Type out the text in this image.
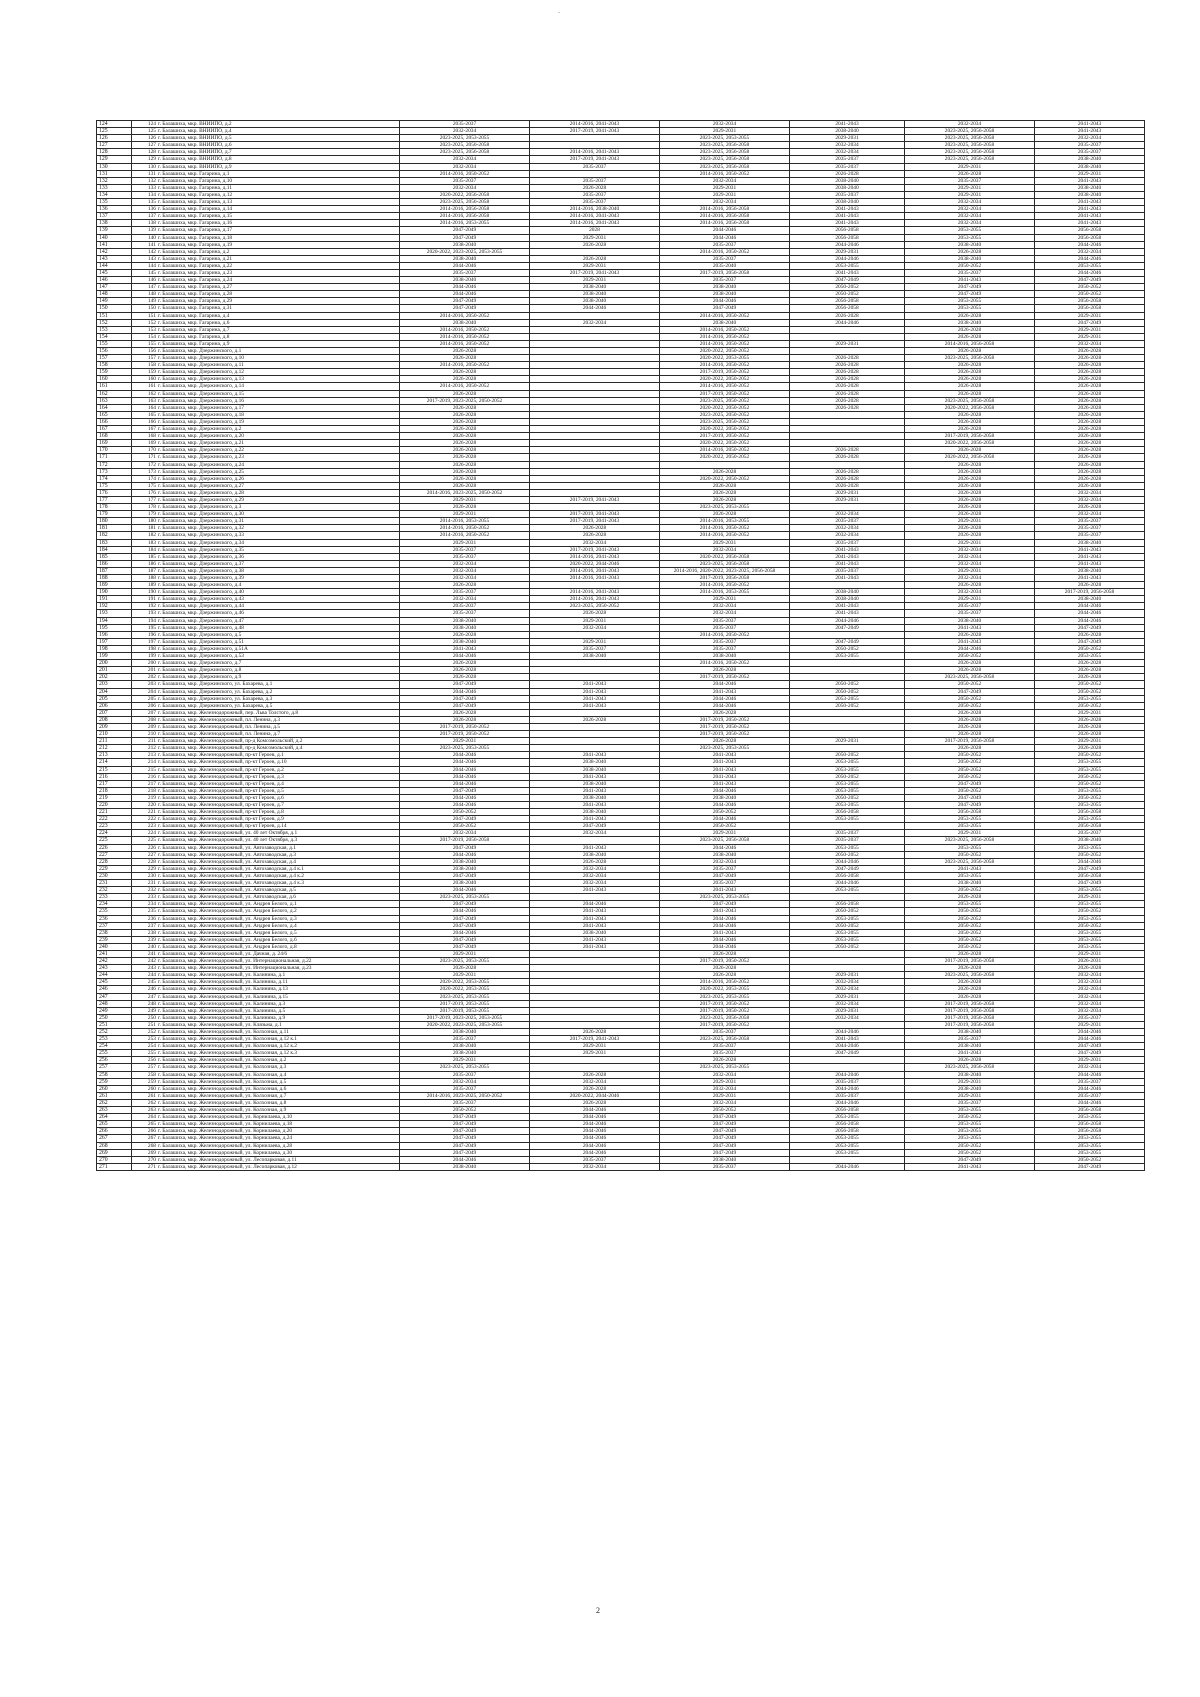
-
124	124 г. Балашиха, мкр. ВНИИПО, д.2	2035-2037	2014-2016, 2041-2043	2032-2034	2041-2043	2032-2034	2041-2043
125	125 г. Балашиха, мкр. ВНИИПО, д.4	2032-2034	2017-2019, 2041-2043	2029-2031	2038-2040	2023-2025, 2056-2058	2041-2043
126	126 г. Балашиха, мкр. ВНИИПО, д.5	2023-2025, 2053-2055		2023-2025, 2053-2055	2029-2031	2023-2025, 2056-2058	2032-2034
127	127 г. Балашиха, мкр. ВНИИПО, д.6	2023-2025, 2056-2058		2023-2025, 2056-2058	2032-2034	2023-2025, 2056-2058	2035-2037
128	128 г. Балашиха, мкр. ВНИИПО, д.7	2023-2025, 2056-2058	2014-2016, 2041-2043	2023-2025, 2056-2058	2032-2034	2023-2025, 2056-2058	2035-2037
129	129 г. Балашиха, мкр. ВНИИПО, д.8	2032-2034	2017-2019, 2041-2043	2023-2025, 2056-2058	2035-2037	2023-2025, 2056-2058	2038-2040
130	130 г. Балашиха, мкр. ВНИИПО, д.9	2032-2034	2035-2037	2023-2025, 2056-2058	2035-2037	2029-2031	2038-2040
131	131 г. Балашиха, мкр. Гагарина, д.1	2014-2016, 2050-2052		2014-2016, 2050-2052	2026-2028	2026-2028	2029-2031
132	132 г. Балашиха, мкр. Гагарина, д.10	2035-2037	2035-2037	2032-2034	2038-2040	2035-2037	2041-2043
133	133 г. Балашиха, мкр. Гагарина, д.11	2032-2034	2026-2028	2029-2031	2038-2040	2029-2031	2038-2040
134	134 г. Балашиха, мкр. Гагарина, д.12	2020-2022, 2056-2058	2035-2037	2029-2031	2035-2037	2029-2031	2038-2040
135	135 г. Балашиха, мкр. Гагарина, д.13	2023-2025, 2056-2058	2035-2037	2032-2034	2038-2040	2032-2034	2041-2043
136	136 г. Балашиха, мкр. Гагарина, д.14	2014-2016, 2056-2058	2014-2016, 2038-2040	2014-2016, 2056-2058	2041-2043	2032-2034	2041-2043
137	137 г. Балашиха, мкр. Гагарина, д.15	2014-2016, 2056-2058	2014-2016, 2041-2043	2014-2016, 2056-2058	2041-2043	2032-2034	2041-2043
138	138 г. Балашиха, мкр. Гагарина, д.16	2014-2016, 2053-2055	2014-2016, 2041-2043	2014-2016, 2056-2058	2041-2043	2032-2034	2041-2043
139	139 г. Балашиха, мкр. Гагарина, д.17	2047-2049	2028	2044-2046	2056-2058	2053-2055	2056-2058
140	140 г. Балашиха, мкр. Гагарина, д.18	2047-2049	2029-2031	2044-2046	2056-2058	2053-2055	2056-2058
141	141 г. Балашиха, мкр. Гагарина, д.19	2038-2040	2026-2028	2035-2037	2044-2046	2038-2040	2044-2046
142	142 г. Балашиха, мкр. Гагарина, д.2	2020-2022, 2023-2025, 2053-2055		2014-2016, 2050-2052	2029-2031	2026-2028	2032-2034
143	143 г. Балашиха, мкр. Гагарина, д.21	2038-2040	2026-2028	2035-2037	2044-2046	2038-2040	2044-2046
144	144 г. Балашиха, мкр. Гагарина, д.22	2044-2046	2029-2031	2035-2040	2053-2055	2050-2052	2053-2055
145	145 г. Балашиха, мкр. Гагарина, д.23	2035-2037	2017-2019, 2041-2043	2017-2019, 2056-2058	2041-2043	2035-2037	2044-2046
146	146 г. Балашиха, мкр. Гагарина, д.24	2038-2040	2029-2031	2035-2037	2047-2049	2041-2043	2047-2049
147	147 г. Балашиха, мкр. Гагарина, д.27	2044-2046	2038-2040	2038-2040	2050-2052	2047-2049	2050-2052
148	148 г. Балашиха, мкр. Гагарина, д.28	2044-2046	2038-2040	2038-2040	2050-2052	2047-2049	2050-2052
149	149 г. Балашиха, мкр. Гагарина, д.29	2047-2049	2038-2040	2044-2046	2056-2058	2053-2055	2056-2058
150	150 г. Балашиха, мкр. Гагарина, д.31	2047-2049	2044-2046	2047-2049	2056-2058	2053-2055	2056-2058
151	151 г. Балашиха, мкр. Гагарина, д.4	2014-2016, 2050-2052		2014-2016, 2050-2052	2026-2028	2026-2028	2029-2031
152	152 г. Балашиха, мкр. Гагарина, д.6	2038-2040	2032-2034	2038-2040	2044-2046	2038-2040	2047-2049
153	153 г. Балашиха, мкр. Гагарина, д.7	2014-2016, 2050-2052		2014-2016, 2050-2052		2026-2028	2029-2031
154	154 г. Балашиха, мкр. Гагарина, д.8	2014-2016, 2050-2052		2014-2016, 2050-2052		2026-2028	2029-2031
155	155 г. Балашиха, мкр. Гагарина, д.9	2014-2016, 2050-2052		2014-2016, 2050-2052	2029-2031	2014-2016, 2056-2058	2032-2034
156	156 г. Балашиха, мкр. Дзержинского, д.1	2026-2028		2020-2022, 2050-2052		2026-2028	2026-2028
157	157 г. Балашиха, мкр. Дзержинского, д.10	2026-2028		2020-2022, 2053-2055	2026-2028	2023-2025, 2056-2058	2026-2028
158	158 г. Балашиха, мкр. Дзержинского, д.11	2014-2016, 2050-2052		2014-2016, 2050-2052	2026-2028	2026-2028	2026-2028
159	159 г. Балашиха, мкр. Дзержинского, д.12	2026-2028		2017-2019, 2050-2052	2026-2028	2026-2028	2026-2028
160	160 г. Балашиха, мкр. Дзержинского, д.13	2026-2028		2020-2022, 2050-2052	2026-2028	2026-2028	2026-2028
161	161 г. Балашиха, мкр. Дзержинского, д.14	2014-2016, 2050-2052		2014-2016, 2050-2052	2026-2028	2026-2028	2026-2028
162	162 г. Балашиха, мкр. Дзержинского, д.15	2026-2028		2017-2019, 2050-2052	2026-2028	2026-2028	2026-2028
163	163 г. Балашиха, мкр. Дзержинского, д.16	2017-2019, 2023-2025, 2050-2052		2023-2025, 2050-2052	2026-2028	2023-2025, 2056-2058	2026-2028
164	164 г. Балашиха, мкр. Дзержинского, д.17	2026-2028		2020-2022, 2050-2052	2026-2028	2020-2022, 2056-2058	2026-2028
165	165 г. Балашиха, мкр. Дзержинского, д.18	2026-2028		2023-2025, 2050-2052		2026-2028	2026-2028
166	166 г. Балашиха, мкр. Дзержинского, д.19	2026-2028		2023-2025, 2050-2052		2026-2028	2026-2028
167	167 г. Балашиха, мкр. Дзержинского, д.2	2026-2028		2020-2022, 2050-2052		2026-2028	2026-2028
168	168 г. Балашиха, мкр. Дзержинского, д.20	2026-2028		2017-2019, 2050-2052		2017-2019, 2056-2058	2026-2028
169	169 г. Балашиха, мкр. Дзержинского, д.21	2026-2028		2020-2022, 2050-2052		2020-2022, 2056-2058	2026-2028
170	170 г. Балашиха, мкр. Дзержинского, д.22	2026-2028		2014-2016, 2050-2052	2026-2028	2026-2028	2026-2028
171	171 г. Балашиха, мкр. Дзержинского, д.23	2026-2028		2020-2022, 2050-2052	2026-2028	2020-2022, 2056-2058	2026-2028
172	172 г. Балашиха, мкр. Дзержинского, д.24	2026-2028				2026-2028	2026-2028
173	173 г. Балашиха, мкр. Дзержинского, д.25	2026-2028		2026-2028	2026-2028	2026-2028	2026-2028
174	174 г. Балашиха, мкр. Дзержинского, д.26	2026-2028		2020-2022, 2050-2052	2026-2028	2026-2028	2026-2028
175	175 г. Балашиха, мкр. Дзержинского, д.27	2026-2028		2026-2028	2026-2028	2026-2028	2026-2028
176	176 г. Балашиха, мкр. Дзержинского, д.28	2014-2016, 2023-2025, 2050-2052		2026-2028	2029-2031	2026-2028	2032-2034
177	177 г. Балашиха, мкр. Дзержинского, д.29	2029-2031	2017-2019, 2041-2043	2026-2028	2029-2031	2026-2028	2032-2034
178	178 г. Балашиха, мкр. Дзержинского, д.3	2026-2028		2023-2025, 2053-2055		2026-2028	2026-2028
179	179 г. Балашиха, мкр. Дзержинского, д.30	2029-2031	2017-2019, 2041-2043	2026-2028	2032-2034	2026-2028	2032-2034
180	180 г. Балашиха, мкр. Дзержинского, д.31	2014-2016, 2053-2055	2017-2019, 2041-2043	2014-2016, 2053-2055	2035-2037	2029-2031	2035-2037
181	181 г. Балашиха, мкр. Дзержинского, д.32	2014-2016, 2050-2052	2026-2028	2014-2016, 2050-2052	2032-2034	2026-2028	2035-2037
182	182 г. Балашиха, мкр. Дзержинского, д.33	2014-2016, 2050-2052	2026-2028	2014-2016, 2050-2052	2032-2034	2026-2028	2035-2037
183	183 г. Балашиха, мкр. Дзержинского, д.34	2029-2031	2032-2034	2029-2031	2035-2037	2029-2031	2038-2040
184	184 г. Балашиха, мкр. Дзержинского, д.35	2035-2037	2017-2019, 2041-2043	2032-2034	2041-2043	2032-2034	2041-2043
185	185 г. Балашиха, мкр. Дзержинского, д.36	2035-2037	2014-2016, 2041-2043	2020-2022, 2056-2058	2041-2043	2032-2034	2041-2043
186	186 г. Балашиха, мкр. Дзержинского, д.37	2032-2034	2020-2022, 2044-2046	2023-2025, 2056-2058	2041-2043	2032-2034	2041-2043
187	187 г. Балашиха, мкр. Дзержинского, д.38	2032-2034	2014-2016, 2041-2043	2014-2016, 2020-2022, 2023-2025, 2056-2058	2035-2037	2029-2031	2038-2040
188	188 г. Балашиха, мкр. Дзержинского, д.39	2032-2034	2014-2016, 2041-2043	2017-2019, 2056-2058	2041-2043	2032-2034	2041-2043
189	189 г. Балашиха, мкр. Дзержинского, д.4	2026-2028		2014-2016, 2050-2052		2026-2028	2026-2028
190	190 г. Балашиха, мкр. Дзержинского, д.40	2035-2037	2014-2016, 2041-2043	2014-2016, 2053-2055	2038-2040	2032-2034	2017-2019, 2056-2058
191	191 г. Балашиха, мкр. Дзержинского, д.43	2032-2034	2014-2016, 2041-2043	2029-2031	2038-2040	2029-2031	2038-2040
192	192 г. Балашиха, мкр. Дзержинского, д.44	2035-2037	2023-2025, 2050-2052	2032-2034	2041-2043	2035-2037	2044-2046
193	193 г. Балашиха, мкр. Дзержинского, д.46	2035-2037	2026-2028	2032-2034	2041-2043	2035-2037	2044-2046
194	194 г. Балашиха, мкр. Дзержинского, д.47	2038-2040	2029-2031	2035-2037	2044-2046	2038-2040	2044-2046
195	195 г. Балашиха, мкр. Дзержинского, д.48	2038-2040	2032-2034	2035-2037	2047-2049	2041-2043	2047-2049
196	196 г. Балашиха, мкр. Дзержинского, д.5	2026-2028		2014-2016, 2050-2052		2026-2028	2026-2028
197	197 г. Балашиха, мкр. Дзержинского, д.51	2038-2040	2029-2031	2035-2037	2047-2049	2041-2043	2047-2049
198	198 г. Балашиха, мкр. Дзержинского, д.51А	2041-2043	2035-2037	2035-2037	2050-2052	2044-2046	2050-2052
199	199 г. Балашиха, мкр. Дзержинского, д.53	2044-2046	2038-2040	2038-2040	2053-2055	2050-2052	2053-2055
200	200 г. Балашиха, мкр. Дзержинского, д.7	2026-2028		2014-2016, 2050-2052		2026-2028	2026-2028
201	201 г. Балашиха, мкр. Дзержинского, д.8	2026-2028		2026-2028		2026-2028	2026-2028
202	202 г. Балашиха, мкр. Дзержинского, д.9	2026-2028		2017-2019, 2050-2052		2023-2025, 2056-2058	2026-2028
203	203 г. Балашиха, мкр. Дзержинского, ул. Бахарева, д.1	2047-2049	2041-2043	2044-2046	2050-2052	2050-2052	2050-2052
204	204 г. Балашиха, мкр. Дзержинского, ул. Бахарева, д.2	2044-2046	2041-2043	2041-2043	2050-2052	2047-2049	2050-2052
205	205 г. Балашиха, мкр. Дзержинского, ул. Бахарева, д.3	2047-2049	2041-2043	2044-2046	2053-2055	2050-2052	2053-2055
206	206 г. Балашиха, мкр. Дзержинского, ул. Бахарева, д.5	2047-2049	2041-2043	2044-2046	2050-2052	2050-2052	2050-2052
207	207 г. Балашиха, мкр. Железнодорожный, пер. Льва Толстого, д.8	2026-2028		2026-2028		2026-2028	2029-2031
208	208 г. Балашиха, мкр. Железнодорожный, пл. Ленина, д.3	2026-2028	2026-2028	2017-2019, 2050-2052		2026-2028	2026-2028
209	209 г. Балашиха, мкр. Железнодорожный, пл. Ленина, д.5	2017-2019, 2050-2052		2017-2019, 2050-2052		2026-2028	2026-2028
210	210 г. Балашиха, мкр. Железнодорожный, пл. Ленина, д.7	2017-2019, 2050-2052		2017-2019, 2050-2052		2026-2028	2026-2028
211	211 г. Балашиха, мкр. Железнодорожный, пр-д Комсомольский, д.2	2029-2031		2026-2028	2029-2031	2017-2019, 2056-2058	2029-2031
212	212 г. Балашиха, мкр. Железнодорожный, пр-д Комсомольский, д.4	2023-2025, 2053-2055		2023-2025, 2053-2055		2026-2028	2026-2028
213	213 г. Балашиха, мкр. Железнодорожный, пр-кт Героев, д.1	2044-2046	2041-2043	2041-2043	2050-2052	2050-2052	2050-2052
214	214 г. Балашиха, мкр. Железнодорожный, пр-кт Героев, д.10	2044-2046	2038-2040	2041-2043	2053-2055	2050-2052	2053-2055
215	215 г. Балашиха, мкр. Железнодорожный, пр-кт Героев, д.2	2044-2046	2038-2040	2041-2043	2053-2055	2050-2052	2053-2055
216	216 г. Балашиха, мкр. Железнодорожный, пр-кт Героев, д.3	2044-2046	2041-2043	2041-2043	2050-2052	2050-2052	2050-2052
217	217 г. Балашиха, мкр. Железнодорожный, пр-кт Героев, д.4	2044-2046	2038-2040	2041-2043	2053-2055	2047-2049	2050-2052
218	218 г. Балашиха, мкр. Железнодорожный, пр-кт Героев, д.5	2047-2049	2041-2043	2044-2046	2053-2055	2050-2052	2053-2055
219	219 г. Балашиха, мкр. Железнодорожный, пр-кт Героев, д.6	2044-2046	2038-2040	2038-2040	2050-2052	2047-2049	2050-2052
220	220 г. Балашиха, мкр. Железнодорожный, пр-кт Героев, д.7	2044-2046	2041-2043	2044-2046	2053-2055	2047-2049	2053-2055
221	221 г. Балашиха, мкр. Железнодорожный, пр-кт Героев, д.8	2050-2052	2038-2040	2050-2052	2056-2058	2056-2058	2056-2058
222	222 г. Балашиха, мкр. Железнодорожный, пр-кт Героев, д.9	2047-2049	2041-2043	2044-2046	2053-2055	2053-2055	2053-2055
223	223 г. Балашиха, мкр. Железнодорожный, пр-кт Героев, д.14	2050-2052	2047-2049	2050-2052		2053-2055	2056-2058
224	224 г. Балашиха, мкр. Железнодорожный, ул. 40 лет Октября, д.1	2032-2034	2032-2034	2029-2031	2035-2037	2029-2031	2035-2037
225	225 г. Балашиха, мкр. Железнодорожный, ул. 40 лет Октября, д.3	2017-2019, 2056-2058		2023-2025, 2056-2058	2035-2037	2023-2025, 2056-2058	2038-2040
226	226 г. Балашиха, мкр. Железнодорожный, ул. Автозаводская, д.1	2047-2049	2041-2043	2044-2046	2053-2055	2053-2055	2053-2055
227	227 г. Балашиха, мкр. Железнодорожный, ул. Автозаводская, д.3	2044-2046	2038-2040	2038-2040	2050-2052	2050-2052	2050-2052
228	228 г. Балашиха, мкр. Железнодорожный, ул. Автозаводская, д.4	2038-2040	2026-2028	2032-2034	2044-2046	2023-2025, 2056-2058	2044-2046
229	229 г. Балашиха, мкр. Железнодорожный, ул. Автозаводская, д.4 к.1	2038-2040	2032-2034	2035-2037	2047-2049	2041-2043	2047-2049
230	230 г. Балашиха, мкр. Железнодорожный, ул. Автозаводская, д.4 к.2	2047-2049	2032-2034	2047-2049	2056-2058	2053-2055	2056-2058
231	231 г. Балашиха, мкр. Железнодорожный, ул. Автозаводская, д.4 к.3	2038-2040	2032-2034	2035-2037	2044-2046	2038-2040	2047-2049
232	232 г. Балашиха, мкр. Железнодорожный, ул. Автозаводская, д.5	2044-2046	2041-2043	2041-2043	2053-2055	2050-2052	2053-2055
233	233 г. Балашиха, мкр. Железнодорожный, ул. Автозаводская, д.6	2023-2025, 2053-2055		2023-2025, 2053-2055		2026-2028	2029-2031
234	234 г. Балашиха, мкр. Железнодорожный, ул. Андрея Белого, д.1	2047-2049	2044-2046	2047-2049	2056-2058	2053-2055	2053-2055
235	235 г. Балашиха, мкр. Железнодорожный, ул. Андрея Белого, д.2	2044-2046	2041-2043	2041-2043	2050-2052	2050-2052	2050-2052
236	236 г. Балашиха, мкр. Железнодорожный, ул. Андрея Белого, д.3	2047-2049	2041-2043	2044-2046	2053-2055	2050-2052	2053-2055
237	237 г. Балашиха, мкр. Железнодорожный, ул. Андрея Белого, д.4	2047-2049	2041-2043	2044-2046	2050-2052	2050-2052	2050-2052
238	238 г. Балашиха, мкр. Железнодорожный, ул. Андрея Белого, д.5	2044-2046	2038-2040	2041-2043	2053-2055	2050-2052	2053-2055
239	239 г. Балашиха, мкр. Железнодорожный, ул. Андрея Белого, д.6	2047-2049	2041-2043	2044-2046	2053-2055	2050-2052	2053-2055
240	240 г. Балашиха, мкр. Железнодорожный, ул. Андрея Белого, д.8	2047-2049	2041-2043	2044-2046	2050-2052	2050-2052	2053-2055
241	241 г. Балашиха, мкр. Железнодорожный, ул. Дачная, д. 24/6	2029-2031		2026-2028		2026-2028	2029-2031
242	242 г. Балашиха, мкр. Железнодорожный, ул. Интернациональная, д.22	2023-2025, 2053-2055		2017-2019, 2050-2052		2017-2019, 2056-2058	2026-2031
243	243 г. Балашиха, мкр. Железнодорожный, ул. Интернациональная, д.23	2026-2028		2026-2028		2026-2028	2026-2028
244	244 г. Балашиха, мкр. Железнодорожный, ул. Калинина, д.1	2029-2031		2026-2028	2029-2031	2023-2025, 2056-2058	2032-2034
245	245 г. Балашиха, мкр. Железнодорожный, ул. Калинина, д.11	2020-2022, 2053-2055		2014-2016, 2050-2052	2032-2034	2026-2028	2032-2034
246	246 г. Балашиха, мкр. Железнодорожный, ул. Калинина, д.13	2020-2022, 2053-2055		2020-2022, 2053-2055	2032-2034	2026-2028	2032-2034
247	247 г. Балашиха, мкр. Железнодорожный, ул. Калинина, д.15	2023-2025, 2053-2055		2023-2025, 2053-2055	2029-2031	2026-2028	2032-2034
248	248 г. Балашиха, мкр. Железнодорожный, ул. Калинина, д.3	2017-2019, 2053-2055		2017-2019, 2050-2052	2032-2034	2017-2019, 2056-2058	2032-2034
249	249 г. Балашиха, мкр. Железнодорожный, ул. Калинина, д.5	2017-2019, 2053-2055		2017-2019, 2050-2052	2029-2031	2017-2019, 2056-2058	2032-2034
250	250 г. Балашиха, мкр. Железнодорожный, ул. Калинина, д.9	2017-2019, 2023-2025, 2053-2055		2023-2025, 2056-2058	2032-2034	2017-2019, 2056-2058	2035-2037
251	251 г. Балашиха, мкр. Железнодорожный, ул. Клязьма, д.1	2020-2022, 2023-2025, 2053-2055		2017-2019, 2050-2052		2017-2019, 2056-2058	2029-2031
252	252 г. Балашиха, мкр. Железнодорожный, ул. Колхозная, д.11	2038-2040	2026-2028	2035-2037	2044-2046	2038-2040	2044-2046
253	253 г. Балашиха, мкр. Железнодорожный, ул. Колхозная, д.12 к.1	2035-2037	2017-2019, 2041-2043	2023-2025, 2056-2058	2041-2043	2035-2037	2044-2046
254	254 г. Балашиха, мкр. Железнодорожный, ул. Колхозная, д.12 к.2	2038-2040	2029-2031	2035-2037	2044-2046	2038-2040	2047-2049
255	255 г. Балашиха, мкр. Железнодорожный, ул. Колхозная, д.12 к.3	2038-2040	2029-2031	2035-2037	2047-2049	2041-2043	2047-2049
256	256 г. Балашиха, мкр. Железнодорожный, ул. Колхозная, д.2	2029-2031		2026-2028		2026-2028	2029-2031
257	257 г. Балашиха, мкр. Железнодорожный, ул. Колхозная, д.3	2023-2025, 2053-2055		2023-2025, 2053-2055		2023-2025, 2056-2058	2032-2034
258	258 г. Балашиха, мкр. Железнодорожный, ул. Колхозная, д.4	2035-2037	2026-2028	2032-2034	2044-2046	2038-2040	2044-2046
259	259 г. Балашиха, мкр. Железнодорожный, ул. Колхозная, д.5	2032-2034	2032-2034	2029-2031	2035-2037	2029-2031	2035-2037
260	260 г. Балашиха, мкр. Железнодорожный, ул. Колхозная, д.6	2035-2037	2026-2028	2032-2034	2044-2046	2038-2040	2044-2046
261	261 г. Балашиха, мкр. Железнодорожный, ул. Колхозная, д.7	2014-2016, 2023-2025, 2050-2052	2020-2022, 2044-2046	2029-2031	2035-2037	2029-2031	2035-2037
262	262 г. Балашиха, мкр. Железнодорожный, ул. Колхозная, д.8	2035-2037	2026-2028	2032-2034	2044-2046	2035-2037	2044-2046
263	263 г. Балашиха, мкр. Железнодорожный, ул. Колхозная, д.9	2050-2052	2044-2046	2050-2052	2056-2058	2053-2055	2056-2058
264	264 г. Балашиха, мкр. Железнодорожный, ул. Корнилаева, д.10	2047-2049	2044-2046	2047-2049	2053-2055	2050-2052	2053-2055
265	265 г. Балашиха, мкр. Железнодорожный, ул. Корнилаева, д.18	2047-2049	2044-2046	2047-2049	2056-2058	2053-2055	2056-2058
266	266 г. Балашиха, мкр. Железнодорожный, ул. Корнилаева, д.20	2047-2049	2044-2046	2047-2049	2056-2058	2053-2055	2056-2058
267	267 г. Балашиха, мкр. Железнодорожный, ул. Корнилаева, д.24	2047-2049	2044-2046	2047-2049	2053-2055	2053-2055	2053-2055
268	268 г. Балашиха, мкр. Железнодорожный, ул. Корнилаева, д.28	2047-2049	2044-2046	2047-2049	2053-2055	2050-2052	2053-2055
269	269 г. Балашиха, мкр. Железнодорожный, ул. Корнилаева, д.30	2047-2049	2044-2046	2047-2049	2053-2055	2050-2052	2053-2055
270	270 г. Балашиха, мкр. Железнодорожный, ул. Лесопарковая, д.11	2044-2046	2035-2037	2038-2040		2047-2049	2050-2052
271	271 г. Балашиха, мкр. Железнодорожный, ул. Лесопарковая, д.12	2038-2040	2032-2034	2035-2037	2044-2046	2041-2043	2047-2049
2
